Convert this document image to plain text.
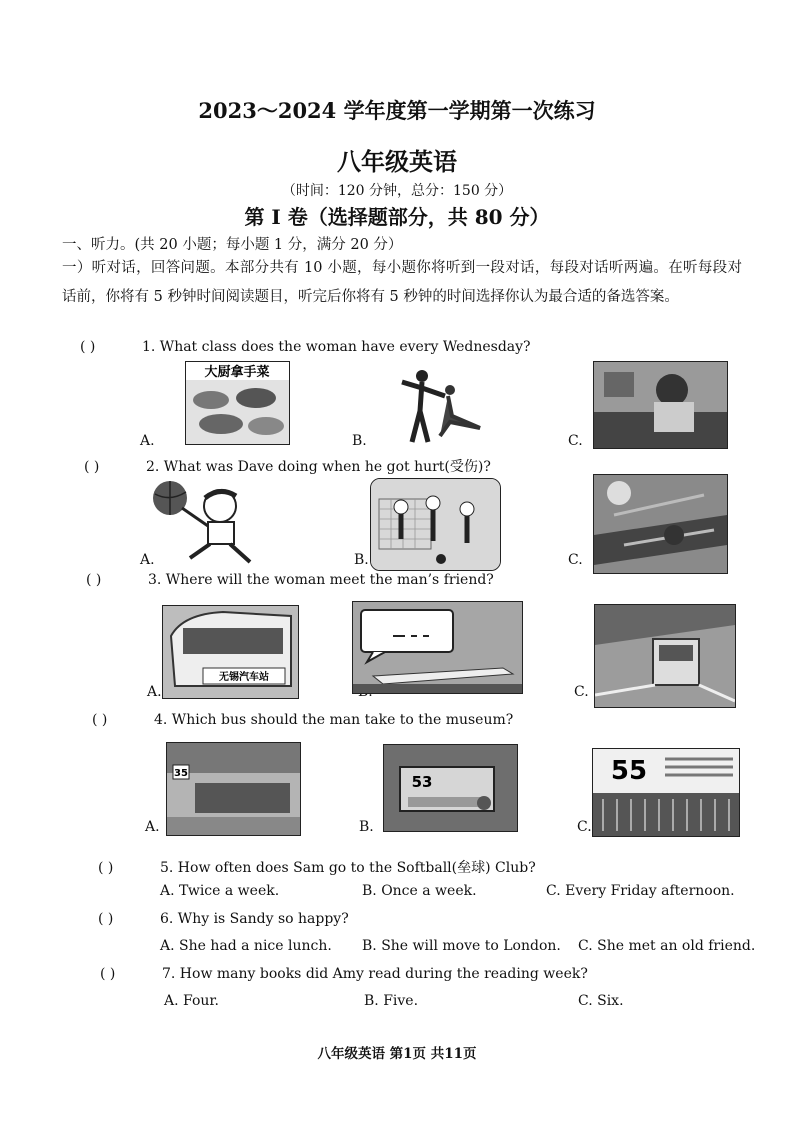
2023～2024 学年度第一学期第一次练习
八年级英语
（时间：120 分钟，总分：150 分）
第 I 卷（选择题部分，共 80 分）
一、听力。(共 20 小题；每小题 1 分，满分 20 分）
一）听对话，回答问题。本部分共有 10 小题，每小题你将听到一段对话，每段对话听两遍。在听每段对话前，你将有 5 秒钟时间阅读题目，听完后你将有 5 秒钟的时间选择你认为最合适的备选答案。
( )	1. What class does the woman have every Wednesday?
A.
大厨拿手菜
B.	C.
( )	2. What was Dave doing when he got hurt(受伤)?
A.	B.	C.
( )	3. Where will the woman meet the man’s friend?
A.
无锡汽车站
C.
( )	4. Which bus should the man take to the museum?
A.
35
B.
53
C.
55
( )	5. How often does Sam go to the Softball(垒球) Club?
A. Twice a week.	B. Once a week.	C. Every Friday afternoon.
( )	6. Why is Sandy so happy?
A. She had a nice lunch. B. She will move to London. C. She met an old friend.
( )	7. How many books did Amy read during the reading week?
A. Four.	B. Five.	C. Six.
八年级英语 第1页 共11页
